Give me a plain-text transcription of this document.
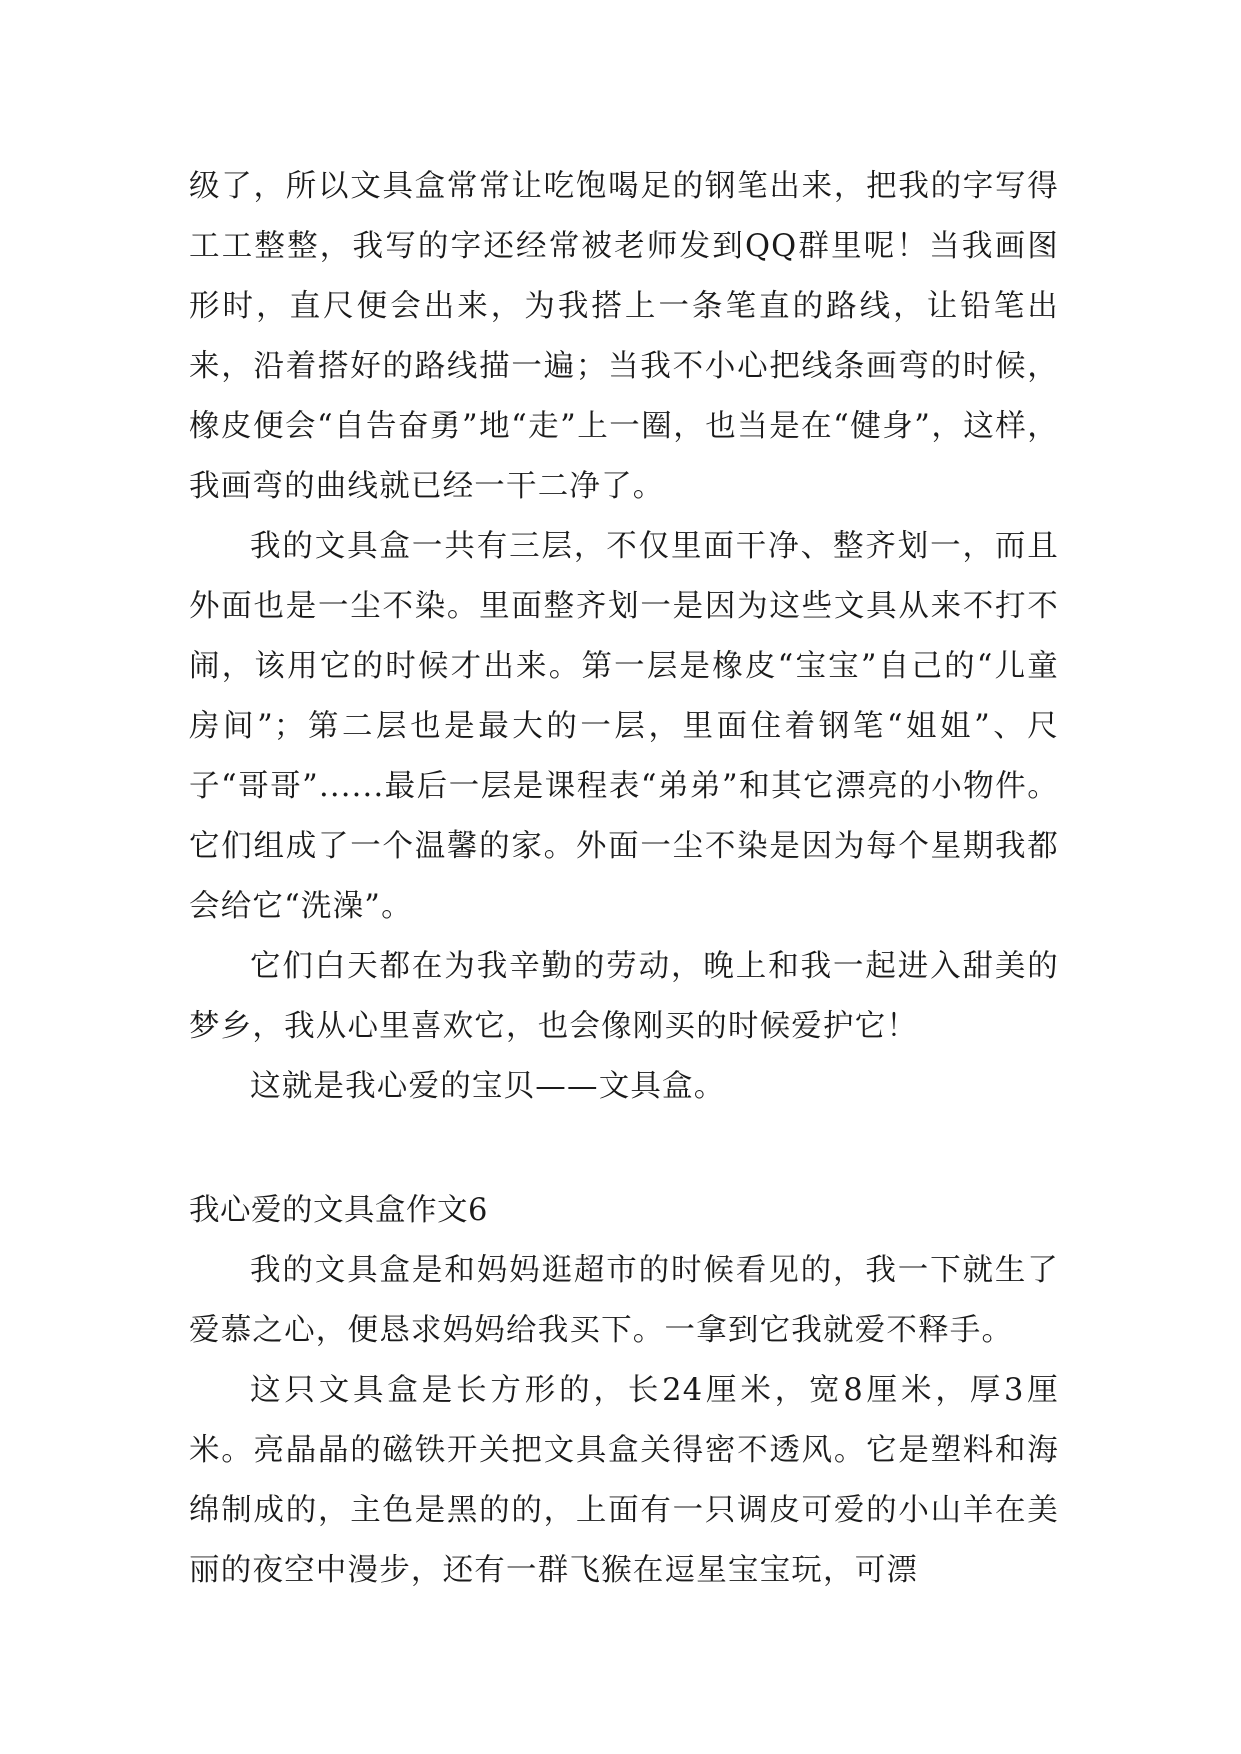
级了，所以文具盒常常让吃饱喝足的钢笔出来，把我的字写得工工整整，我写的字还经常被老师发到QQ群里呢！当我画图形时，直尺便会出来，为我搭上一条笔直的路线，让铅笔出来，沿着搭好的路线描一遍；当我不小心把线条画弯的时候，橡皮便会“自告奋勇”地“走”上一圈，也当是在“健身”，这样，我画弯的曲线就已经一干二净了。

我的文具盒一共有三层，不仅里面干净、整齐划一，而且外面也是一尘不染。里面整齐划一是因为这些文具从来不打不闹，该用它的时候才出来。第一层是橡皮“宝宝”自己的“儿童房间”；第二层也是最大的一层，里面住着钢笔“姐姐”、尺子“哥哥”......最后一层是课程表“弟弟”和其它漂亮的小物件。它们组成了一个温馨的家。外面一尘不染是因为每个星期我都会给它“洗澡”。

它们白天都在为我辛勤的劳动，晚上和我一起进入甜美的梦乡，我从心里喜欢它，也会像刚买的时候爱护它！

这就是我心爱的宝贝——文具盒。

我心爱的文具盒作文6

我的文具盒是和妈妈逛超市的时候看见的，我一下就生了爱慕之心，便恳求妈妈给我买下。一拿到它我就爱不释手。

这只文具盒是长方形的，长24厘米，宽8厘米，厚3厘米。亮晶晶的磁铁开关把文具盒关得密不透风。它是塑料和海绵制成的，主色是黑的的，上面有一只调皮可爱的小山羊在美丽的夜空中漫步，还有一群飞猴在逗星宝宝玩，可漂
